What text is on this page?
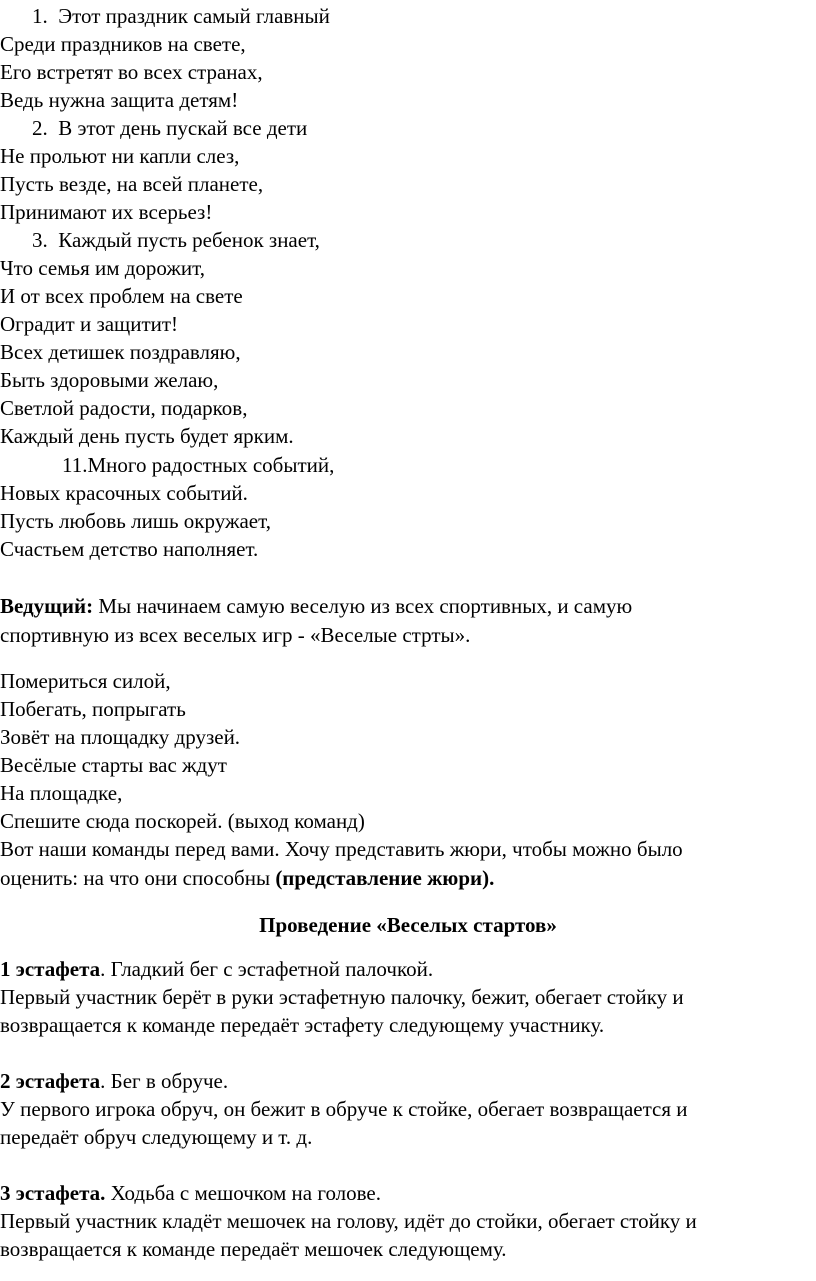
1. Этот праздник самый главный
Среди праздников на свете,
Его встретят во всех странах,
Ведь нужна защита детям!
2. В этот день пускай все дети
Не прольют ни капли слез,
Пусть везде, на всей планете,
Принимают их всерьез!
3. Каждый пусть ребенок знает,
Что семья им дорожит,
И от всех проблем на свете
Оградит и защитит!
Всех детишек поздравляю,
Быть здоровыми желаю,
Светлой радости, подарков,
Каждый день пусть будет ярким.
11.Много радостных событий,
Новых красочных событий.
Пусть любовь лишь окружает,
Счастьем детство наполняет.
Ведущий: Мы начинаем самую веселую из всех спортивных, и самую
спортивную из всех веселых игр - «Веселые стрты».
Помериться силой,
Побегать, попрыгать
Зовёт на площадку друзей.
Весёлые старты вас ждут
На площадке,
Спешите сюда поскорей. (выход команд)
Вот наши команды перед вами. Хочу представить жюри, чтобы можно было
оценить: на что они способны (представление жюри).
Проведение «Веселых стартов»
1 эстафета. Гладкий бег с эстафетной палочкой.
Первый участник берёт в руки эстафетную палочку, бежит, обегает стойку и
возвращается к команде передаёт эстафету следующему участнику.
2 эстафета. Бег в обруче.
У первого игрока обруч, он бежит в обруче к стойке, обегает возвращается и
передаёт обруч следующему и т. д.
3 эстафета. Ходьба с мешочком на голове.
Первый участник кладёт мешочек на голову, идёт до стойки, обегает стойку и
возвращается к команде передаёт мешочек следующему.
